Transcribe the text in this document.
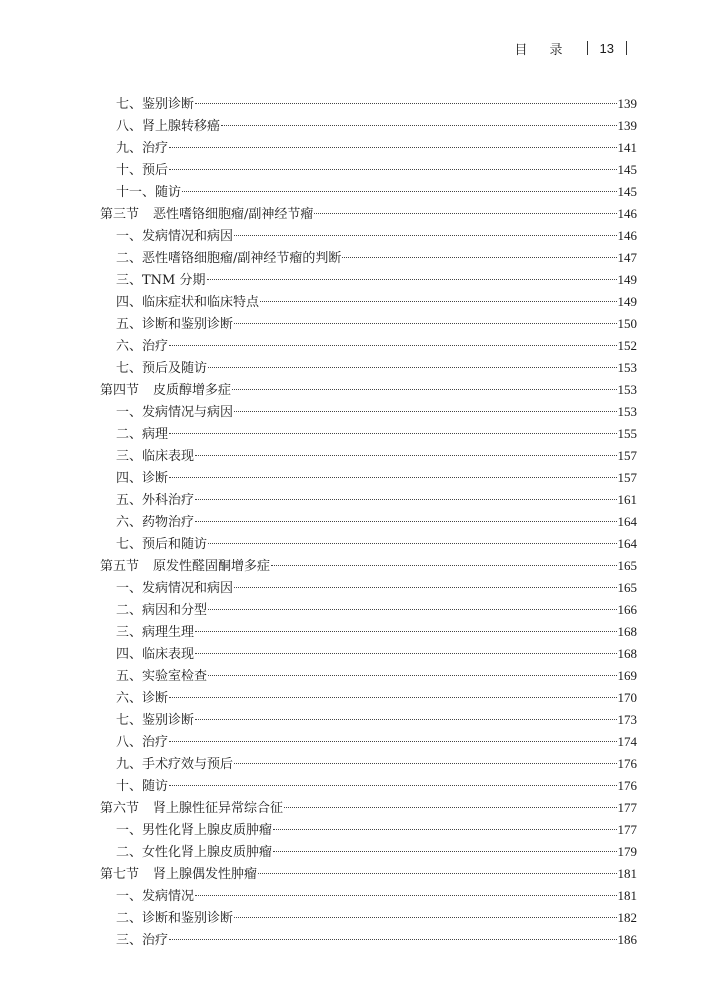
目录 13
七、鉴别诊断	139
八、肾上腺转移癌	139
九、治疗	141
十、预后	145
十一、随访	145
第三节 恶性嗜铬细胞瘤/副神经节瘤	146
一、发病情况和病因	146
二、恶性嗜铬细胞瘤/副神经节瘤的判断	147
三、TNM 分期	149
四、临床症状和临床特点	149
五、诊断和鉴别诊断	150
六、治疗	152
七、预后及随访	153
第四节 皮质醇增多症	153
一、发病情况与病因	153
二、病理	155
三、临床表现	157
四、诊断	157
五、外科治疗	161
六、药物治疗	164
七、预后和随访	164
第五节 原发性醛固酮增多症	165
一、发病情况和病因	165
二、病因和分型	166
三、病理生理	168
四、临床表现	168
五、实验室检查	169
六、诊断	170
七、鉴别诊断	173
八、治疗	174
九、手术疗效与预后	176
十、随访	176
第六节 肾上腺性征异常综合征	177
一、男性化肾上腺皮质肿瘤	177
二、女性化肾上腺皮质肿瘤	179
第七节 肾上腺偶发性肿瘤	181
一、发病情况	181
二、诊断和鉴别诊断	182
三、治疗	186
